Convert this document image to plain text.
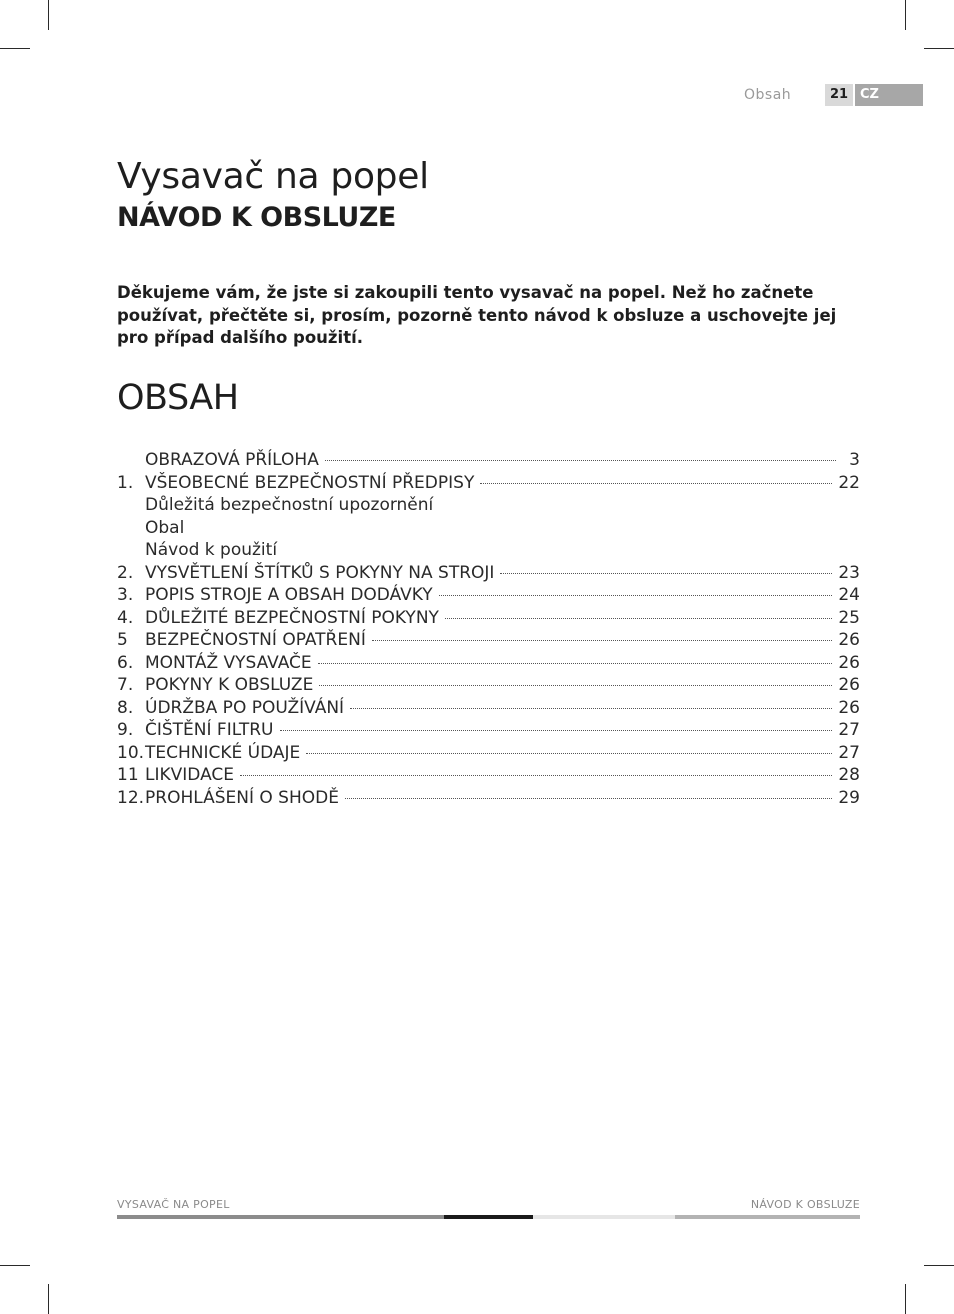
Obsah	21 CZ
Vysavač na popel
NÁVOD K OBSLUZE

Děkujeme vám, že jste si zakoupili tento vysavač na popel. Než ho začnete používat, přečtěte si, prosím, pozorně tento návod k obsluze a uschovejte jej pro případ dalšího použití.

OBSAH
OBRAZOVÁ PŘÍLOHA	3
1. VŠEOBECNÉ BEZPEČNOSTNÍ PŘEDPISY	22
Důležitá bezpečnostní upozornění
Obal
Návod k použití
2. VYSVĚTLENÍ ŠTÍTKŮ S POKYNY NA STROJI	23
3. POPIS STROJE A OBSAH DODÁVKY	24
4. DŮLEŽITÉ BEZPEČNOSTNÍ POKYNY	25
5	BEZPEČNOSTNÍ OPATŘENÍ	26
6. MONTÁŽ VYSAVAČE	26
7. POKYNY K OBSLUZE	26
8. ÚDRŽBA PO POUŽÍVÁNÍ	26
9. ČIŠTĚNÍ FILTRU	27
10. TECHNICKÉ ÚDAJE	27
11 LIKVIDACE	28
12. PROHLÁŠENÍ O SHODĚ	29
VYSAVAČ NA POPEL	NÁVOD K OBSLUZE
